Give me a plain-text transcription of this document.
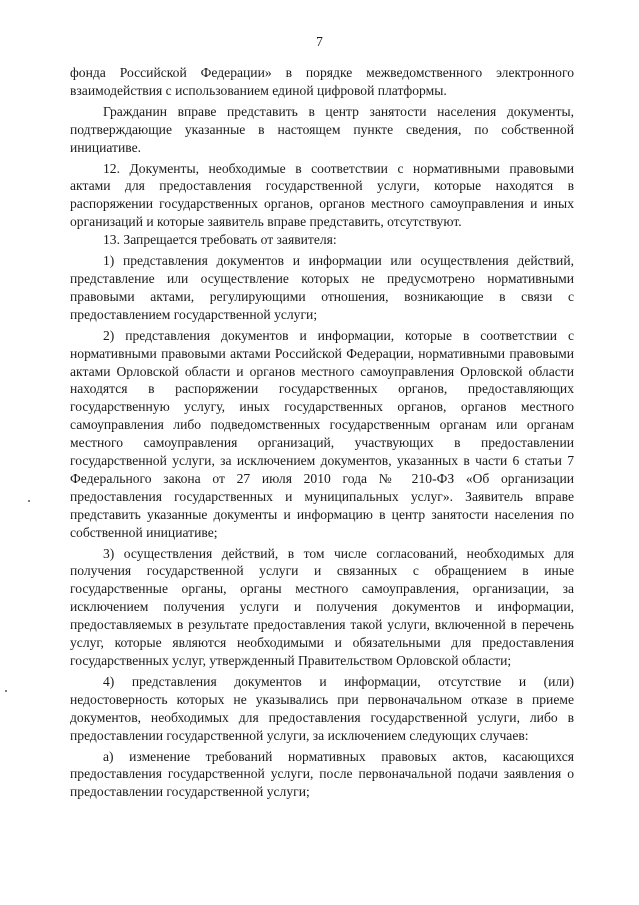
7

фонда Российской Федерации» в порядке межведомственного электронного взаимодействия с использованием единой цифровой платформы.

Гражданин вправе представить в центр занятости населения документы, подтверждающие указанные в настоящем пункте сведения, по собственной инициативе.

12. Документы, необходимые в соответствии с нормативными правовыми актами для предоставления государственной услуги, которые находятся в распоряжении государственных органов, органов местного самоуправления и иных организаций и которые заявитель вправе представить, отсутствуют.

13. Запрещается требовать от заявителя:

1) представления документов и информации или осуществления действий, представление или осуществление которых не предусмотрено нормативными правовыми актами, регулирующими отношения, возникающие в связи с предоставлением государственной услуги;

2) представления документов и информации, которые в соответствии с нормативными правовыми актами Российской Федерации, нормативными правовыми актами Орловской области и органов местного самоуправления Орловской области находятся в распоряжении государственных органов, предоставляющих государственную услугу, иных государственных органов, органов местного самоуправления либо подведомственных государственным органам или органам местного самоуправления организаций, участвующих в предоставлении государственной услуги, за исключением документов, указанных в части 6 статьи 7 Федерального закона от 27 июля 2010 года № 210-ФЗ «Об организации предоставления государственных и муниципальных услуг». Заявитель вправе представить указанные документы и информацию в центр занятости населения по собственной инициативе;

3) осуществления действий, в том числе согласований, необходимых для получения государственной услуги и связанных с обращением в иные государственные органы, органы местного самоуправления, организации, за исключением получения услуги и получения документов и информации, предоставляемых в результате предоставления такой услуги, включенной в перечень услуг, которые являются необходимыми и обязательными для предоставления государственных услуг, утвержденный Правительством Орловской области;

4) представления документов и информации, отсутствие и (или) недостоверность которых не указывались при первоначальном отказе в приеме документов, необходимых для предоставления государственной услуги, либо в предоставлении государственной услуги, за исключением следующих случаев:

а) изменение требований нормативных правовых актов, касающихся предоставления государственной услуги, после первоначальной подачи заявления о предоставлении государственной услуги;
